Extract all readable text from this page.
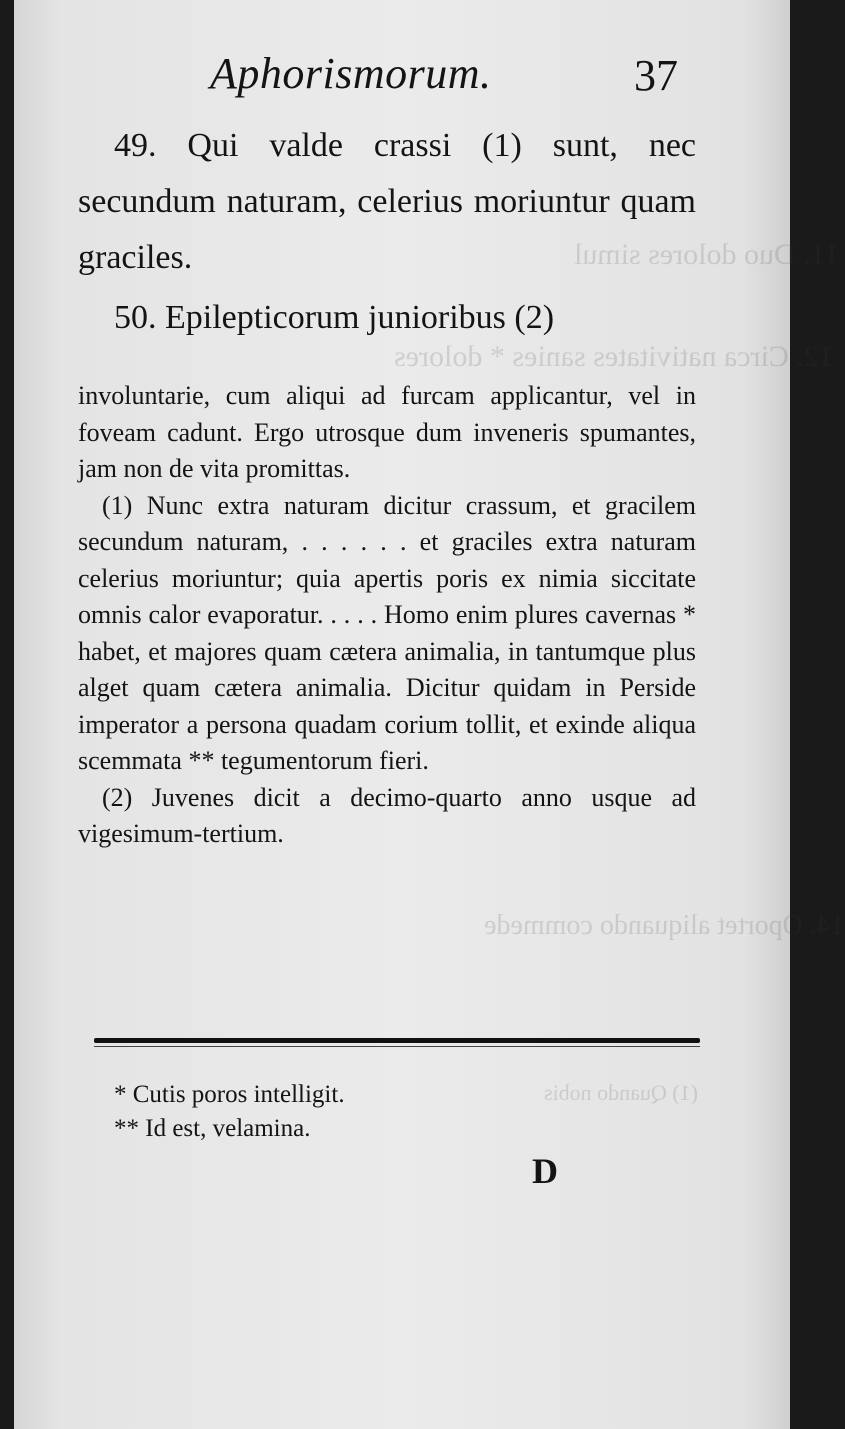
11. Duo dolores simul
12. Circa nativitates sanies * dolores
14. Oportet aliquando commede
(1) Quando nobis
Aphorismorum.	37

49. Qui valde crassi (1) sunt, nec secundum naturam, celerius moriuntur quam graciles.

50. Epilepticorum junioribus (2)

involuntarie, cum aliqui ad furcam applicantur, vel in foveam cadunt. Ergo utrosque dum inveneris spumantes, jam non de vita promittas.

(1) Nunc extra naturam dicitur crassum, et gracilem secundum naturam, . . . . . . et graciles extra naturam celerius moriuntur; quia apertis poris ex nimia siccitate omnis calor evaporatur. . . . . Homo enim plures cavernas * habet, et majores quam cætera animalia, in tantumque plus alget quam cætera animalia. Dicitur quidam in Perside imperator a persona quadam corium tollit, et exinde aliqua scemmata ** tegumentorum fieri.

(2) Juvenes dicit a decimo-quarto anno usque ad vigesimum-tertium.

* Cutis poros intelligit.

** Id est, velamina.

D
